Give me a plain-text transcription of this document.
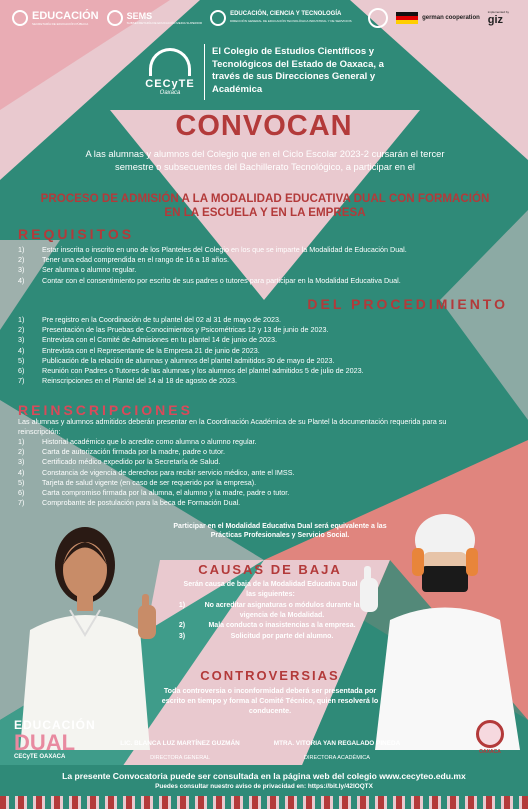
EDUCACIÓN
SECRETARÍA DE EDUCACIÓN PÚBLICA
SEMS
SUBSECRETARÍA DE EDUCACIÓN MEDIA SUPERIOR
EDUCACIÓN, CIENCIA Y TECNOLOGÍA
DIRECCIÓN GENERAL DE EDUCACIÓN TECNOLÓGICA INDUSTRIAL Y DE SERVICIOS	german cooperation
implemented by
giz
CECyTE
Oaxaca
El Colegio de Estudios Científicos y Tecnológicos del Estado de Oaxaca, a través de sus Direcciones General y Académica
CONVOCAN
A las alumnas y alumnos del Colegio que en el Ciclo Escolar 2023-2 cursarán el tercer semestre o subsecuentes del Bachillerato Tecnológico, a participar en el
PROCESO DE ADMISIÓN A LA MODALIDAD EDUCATIVA DUAL CON FORMACIÓN EN LA ESCUELA Y EN LA EMPRESA
REQUISITOS
1)	Estar inscrita o inscrito en uno de los Planteles del Colegio en los que se imparte la Modalidad de Educación Dual.
2)	Tener una edad comprendida en el rango de 16 a 18 años.
3)	Ser alumna o alumno regular.
4)	Contar con el consentimiento por escrito de sus padres o tutores para participar en la Modalidad Educativa Dual.
DEL PROCEDIMIENTO
1)	Pre registro en la Coordinación de tu plantel del 02 al 31 de mayo de 2023.
2)	Presentación de las Pruebas de Conocimientos y Psicométricas 12 y 13 de junio de 2023.
3)	Entrevista con el Comité de Admisiones en tu plantel 14 de junio de 2023.
4)	Entrevista con el Representante de la Empresa 21 de junio de 2023.
5)	Publicación de la relación de alumnas y alumnos del plantel admitidos 30 de mayo de 2023.
6)	Reunión con Padres o Tutores de las alumnas y los alumnos del plantel admitidos 5 de julio de 2023.
7)	Reinscripciones en el Plantel del 14 al 18 de agosto de 2023.
REINSCRIPCIONES
Las alumnas y alumnos admitidos deberán presentar en la Coordinación Académica de su Plantel la documentación requerida para su reinscripción:
1)	Historial académico que lo acredite como alumna o alumno regular.
2)	Carta de autorización firmada por la madre, padre o tutor.
3)	Certificado médico expedido por la Secretaría de Salud.
4)	Constancia de vigencia de derechos para recibir servicio médico, ante el IMSS.
5)	Tarjeta de salud vigente (en caso de ser requerido por la empresa).
6)	Carta compromiso firmada por la alumna, el alumno y la madre, padre o tutor.
7)	Comprobante de postulación para la beca de Formación Dual.
Participar en el Modalidad Educativa Dual será equivalente a las Prácticas Profesionales y Servicio Social.
CAUSAS DE BAJA
Serán causa de baja de la Modalidad Educativa Dual las siguientes:
1)	No acreditar asignaturas o módulos durante la vigencia de la Modalidad.
2)	Mala conducta o inasistencias a la empresa.
3)	Solicitud por parte del alumno.
CONTROVERSIAS
Toda controversia o inconformidad deberá ser presentada por escrito en tiempo y forma al Comité Técnico, quien resolverá lo conducente.
EDUCACIÓN
DUAL
CECyTE OAXACA
LIC. BLANCA LUZ MARTÍNEZ GUZMÁN
DIRECTORA GENERAL
MTRA. VITORIA YAN REGALADO PINEDA
DIRECTORA ACADÉMICA
OAXACA
La presente Convocatoria puede ser consultada en la página web del colegio www.cecyteo.edu.mx
Puedes consultar nuestro aviso de privacidad en: https://bit.ly/42IOQTX
